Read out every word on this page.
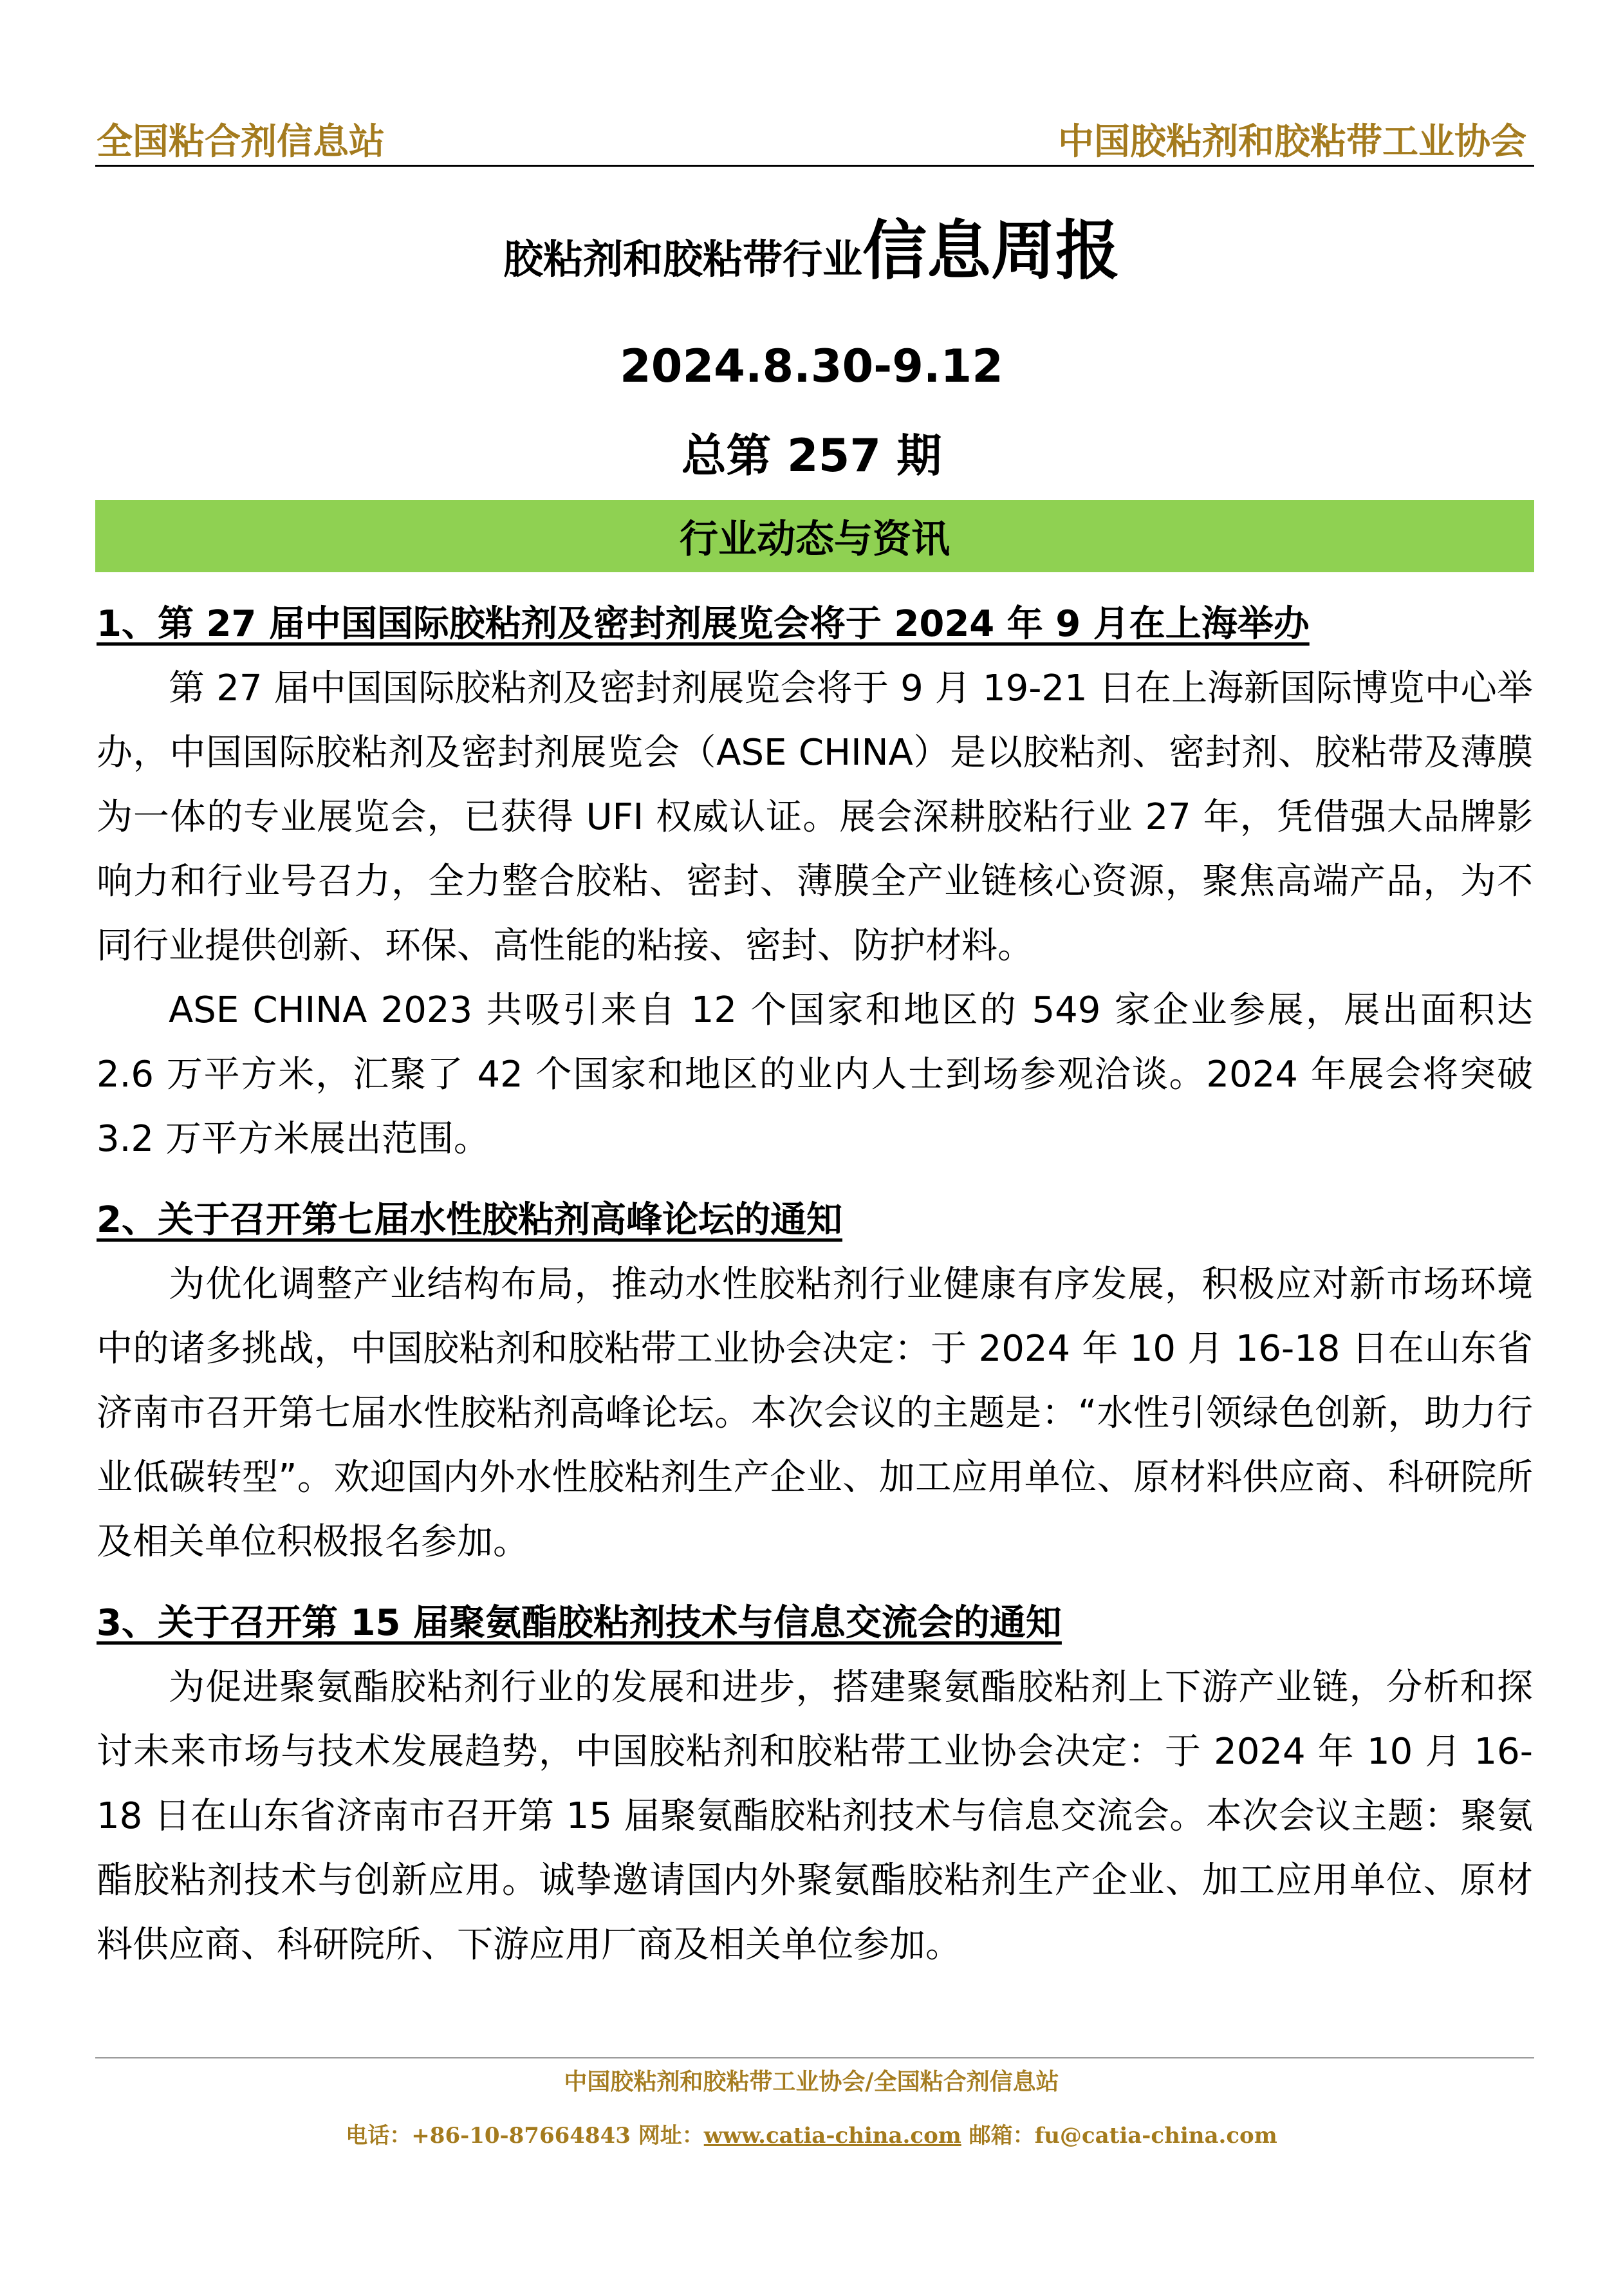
全国粘合剂信息站	中国胶粘剂和胶粘带工业协会
胶粘剂和胶粘带行业信息周报
2024.8.30-9.12
总第 257 期
行业动态与资讯
1、第 27 届中国国际胶粘剂及密封剂展览会将于 2024 年 9 月在上海举办

第 27 届中国国际胶粘剂及密封剂展览会将于 9 月 19-21 日在上海新国际博览中心举办，中国国际胶粘剂及密封剂展览会（ASE CHINA）是以胶粘剂、密封剂、胶粘带及薄膜为一体的专业展览会，已获得 UFI 权威认证。展会深耕胶粘行业 27 年，凭借强大品牌影响力和行业号召力，全力整合胶粘、密封、薄膜全产业链核心资源，聚焦高端产品，为不同行业提供创新、环保、高性能的粘接、密封、防护材料。

ASE CHINA 2023 共吸引来自 12 个国家和地区的 549 家企业参展，展出面积达 2.6 万平方米，汇聚了 42 个国家和地区的业内人士到场参观洽谈。2024 年展会将突破 3.2 万平方米展出范围。

2、关于召开第七届水性胶粘剂高峰论坛的通知

为优化调整产业结构布局，推动水性胶粘剂行业健康有序发展，积极应对新市场环境中的诸多挑战，中国胶粘剂和胶粘带工业协会决定：于 2024 年 10 月 16-18 日在山东省济南市召开第七届水性胶粘剂高峰论坛。本次会议的主题是：“水性引领绿色创新，助力行业低碳转型”。欢迎国内外水性胶粘剂生产企业、加工应用单位、原材料供应商、科研院所及相关单位积极报名参加。

3、关于召开第 15 届聚氨酯胶粘剂技术与信息交流会的通知

为促进聚氨酯胶粘剂行业的发展和进步，搭建聚氨酯胶粘剂上下游产业链，分析和探讨未来市场与技术发展趋势，中国胶粘剂和胶粘带工业协会决定：于 2024 年 10 月 16-18 日在山东省济南市召开第 15 届聚氨酯胶粘剂技术与信息交流会。本次会议主题：聚氨酯胶粘剂技术与创新应用。诚挚邀请国内外聚氨酯胶粘剂生产企业、加工应用单位、原材料供应商、科研院所、下游应用厂商及相关单位参加。

中国胶粘剂和胶粘带工业协会/全国粘合剂信息站
电话：+86-10-87664843 网址：www.catia-china.com 邮箱：fu@catia-china.com
